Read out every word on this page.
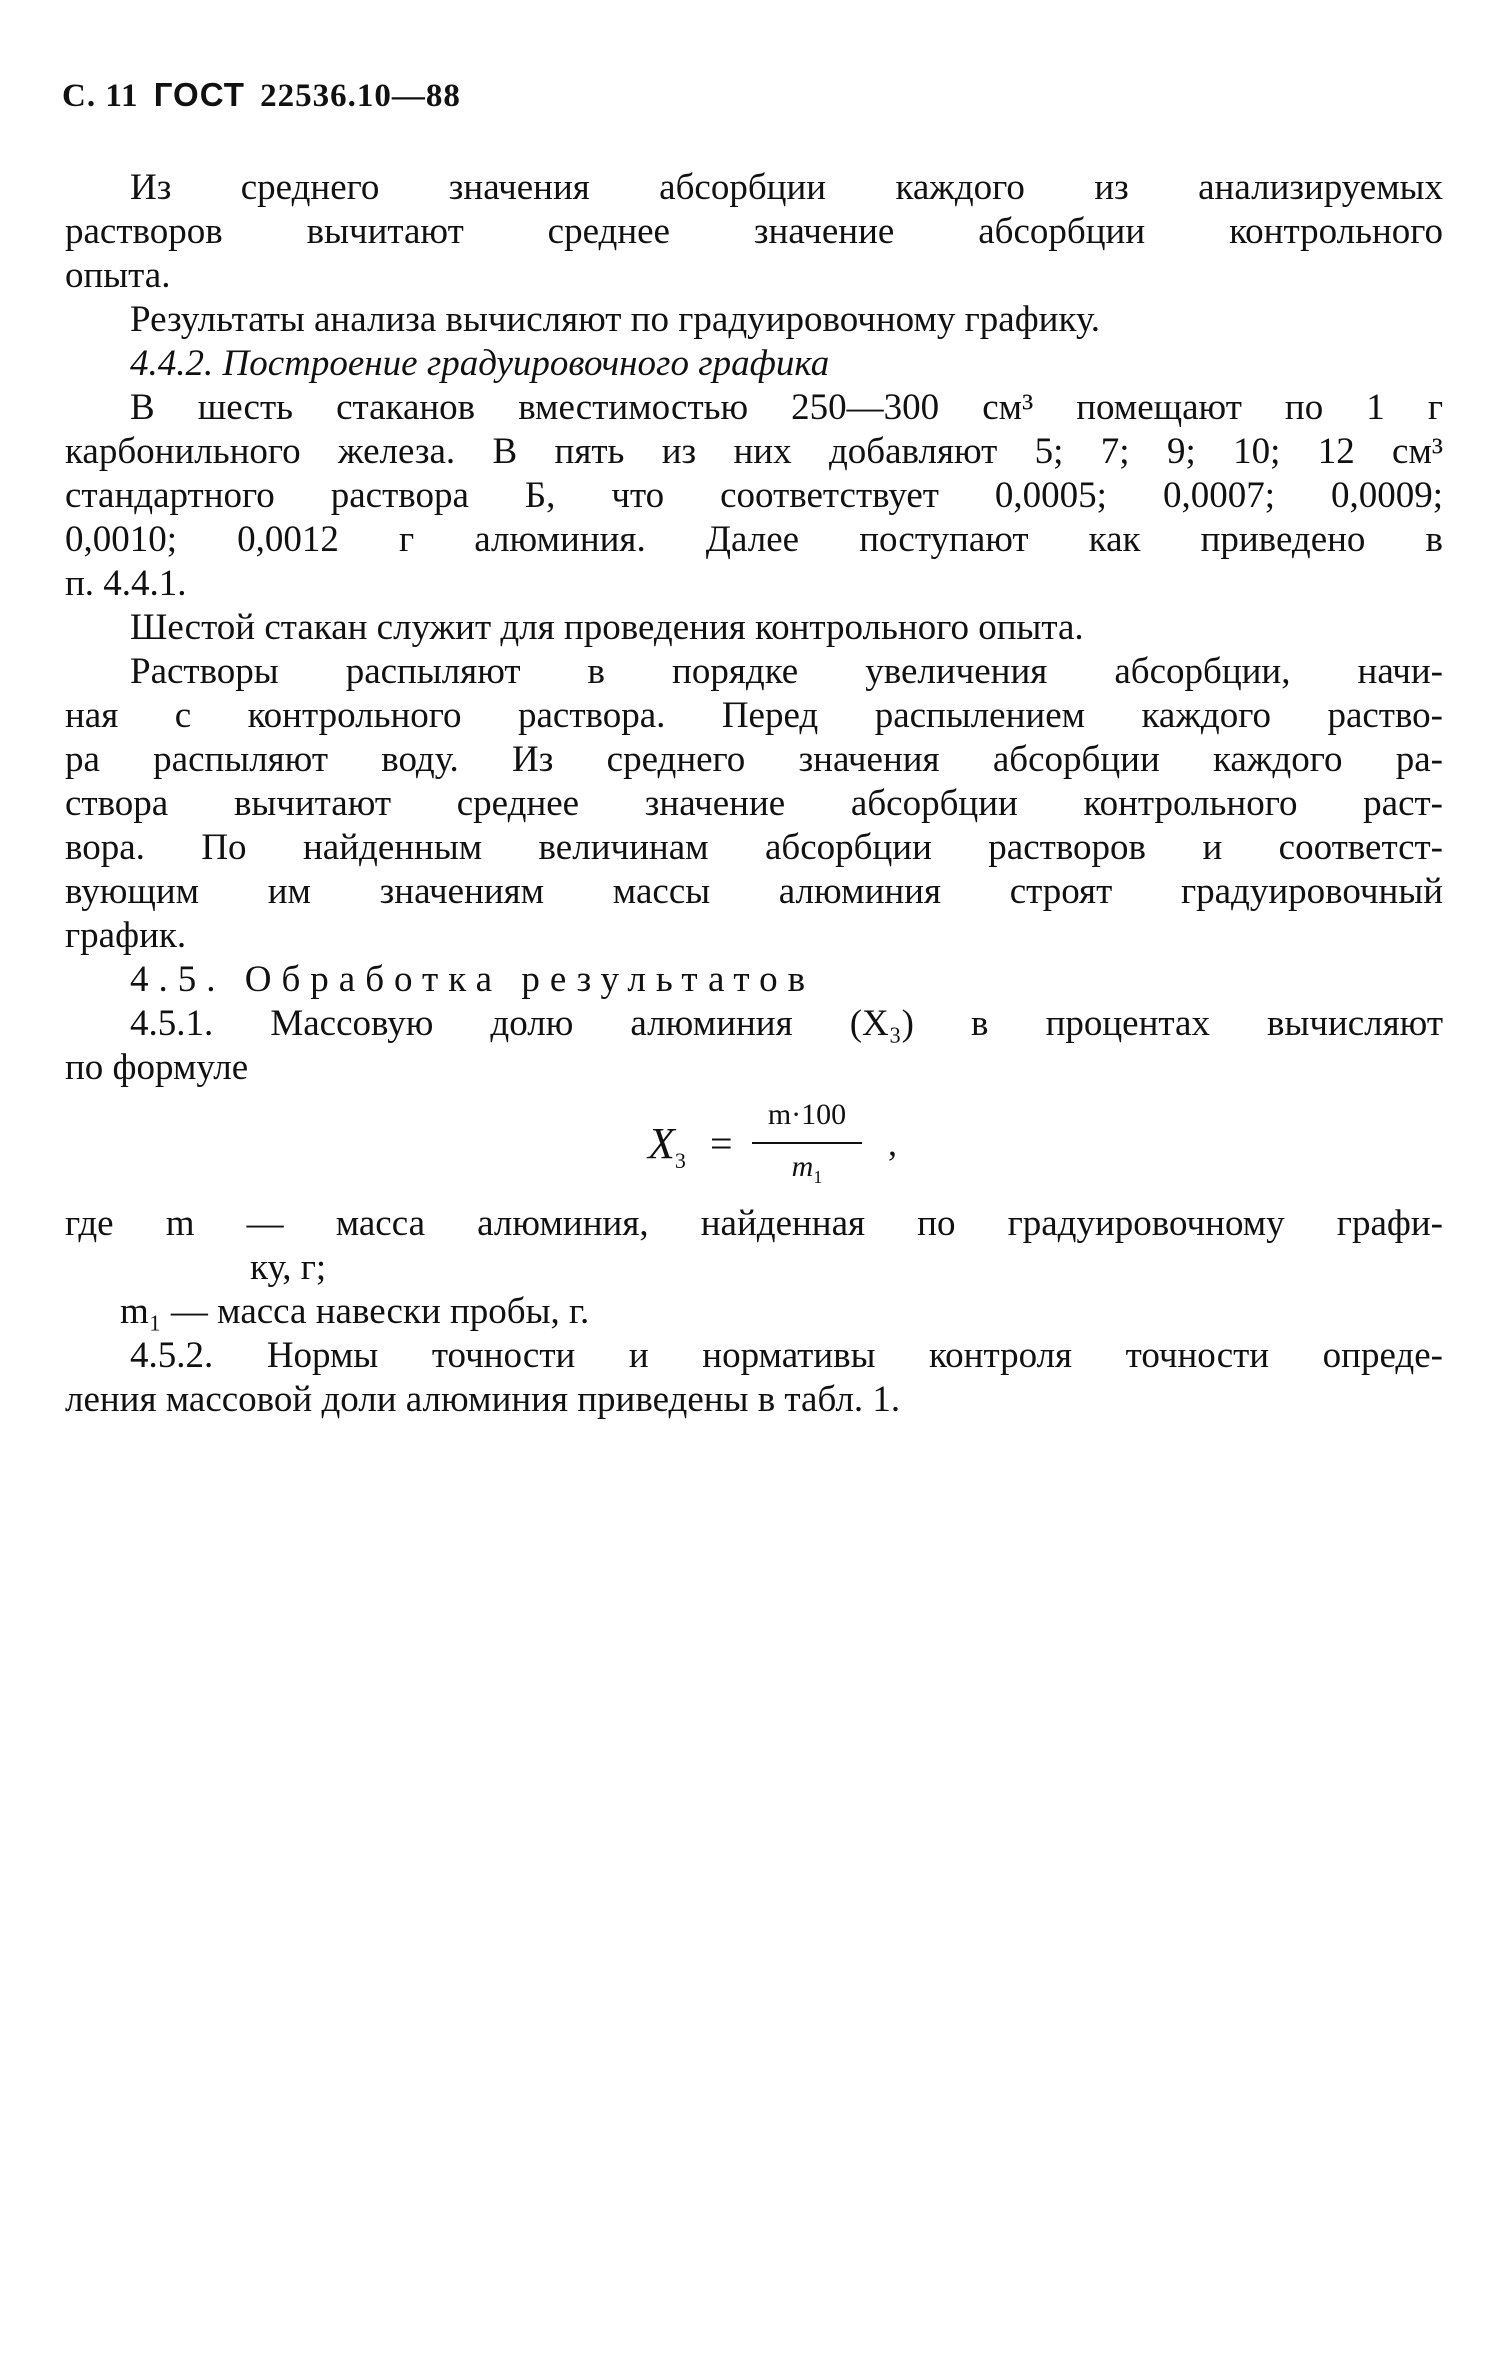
С. 11 ГОСТ 22536.10—88
Из среднего значения абсорбции каждого из анализируемых
растворов вычитают среднее значение абсорбции контрольного
опыта.
Результаты анализа вычисляют по градуировочному графику.
4.4.2. Построение градуировочного графика
В шесть стаканов вместимостью 250—300 см³ помещают по 1 г
карбонильного железа. В пять из них добавляют 5; 7; 9; 10; 12 см³
стандартного раствора Б, что соответствует 0,0005; 0,0007; 0,0009;
0,0010; 0,0012 г алюминия. Далее поступают как приведено в
п. 4.4.1.
Шестой стакан служит для проведения контрольного опыта.
Растворы распыляют в порядке увеличения абсорбции, начи-
ная с контрольного раствора. Перед распылением каждого раство-
ра распыляют воду. Из среднего значения абсорбции каждого ра-
створа вычитают среднее значение абсорбции контрольного раст-
вора. По найденным величинам абсорбции растворов и соответст-
вующим им значениям массы алюминия строят градуировочный
график.
4.5. Обработка результатов
4.5.1. Массовую долю алюминия (X₃) в процентах вычисляют
по формуле
$X_3$ =
m·100
$m_1$
,
где m — масса алюминия, найденная по градуировочному графи-
ку, г;
m₁ — масса навески пробы, г.
4.5.2. Нормы точности и нормативы контроля точности опреде-
ления массовой доли алюминия приведены в табл. 1.
